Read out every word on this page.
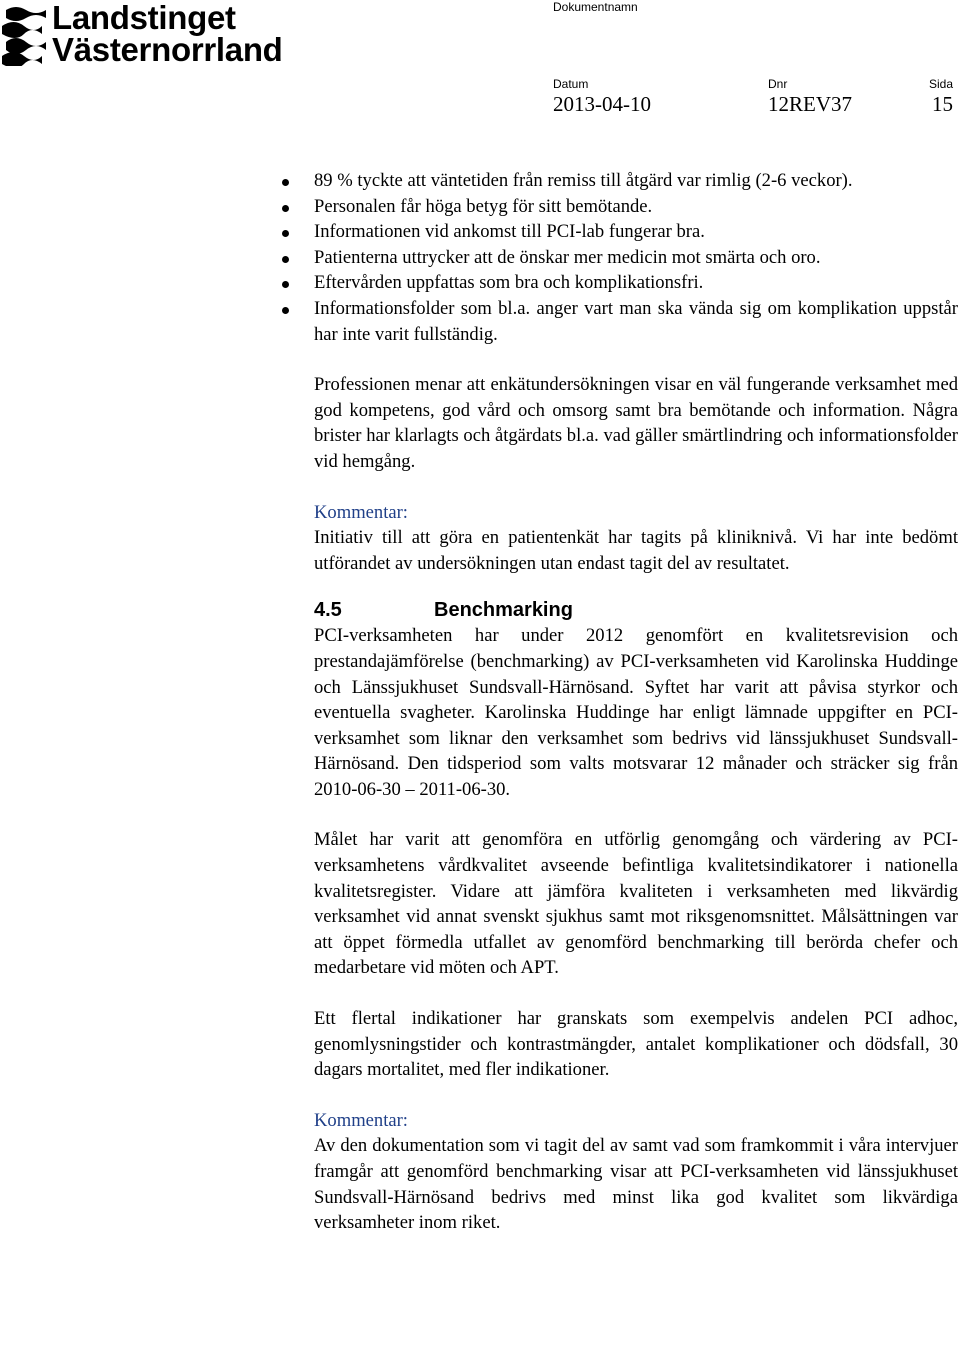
Landstinget
Västernorrland
Dokumentnamn
Datum
2013-04-10
Dnr
12REV37
Sida
15
89 % tyckte att väntetiden från remiss till åtgärd var rimlig (2-6 veckor).
Personalen får höga betyg för sitt bemötande.
Informationen vid ankomst till PCI-lab fungerar bra.
Patienterna uttrycker att de önskar mer medicin mot smärta och oro.
Eftervården uppfattas som bra och komplikationsfri.
Informationsfolder som bl.a. anger vart man ska vända sig om komplikation uppstår har inte varit fullständig.

Professionen menar att enkätundersökningen visar en väl fungerande verksamhet med god kompetens, god vård och omsorg samt bra bemötande och information. Några brister har klarlagts och åtgärdats bl.a. vad gäller smärtlindring och informationsfolder vid hemgång.

Kommentar:

Initiativ till att göra en patientenkät har tagits på kliniknivå. Vi har inte bedömt utförandet av undersökningen utan endast tagit del av resultatet.

4.5	Benchmarking

PCI-verksamheten har under 2012 genomfört en kvalitetsrevision och prestandajämförelse (benchmarking) av PCI-verksamheten vid Karolinska Huddinge och Länssjukhuset Sundsvall-Härnösand. Syftet har varit att påvisa styrkor och eventuella svagheter. Karolinska Huddinge har enligt lämnade uppgifter en PCI-verksamhet som liknar den verksamhet som bedrivs vid länssjukhuset Sundsvall-Härnösand. Den tidsperiod som valts motsvarar 12 månader och sträcker sig från 2010-06-30 – 2011-06-30.

Målet har varit att genomföra en utförlig genomgång och värdering av PCI-verksamhetens vårdkvalitet avseende befintliga kvalitetsindikatorer i nationella kvalitetsregister. Vidare att jämföra kvaliteten i verksamheten med likvärdig verksamhet vid annat svenskt sjukhus samt mot riksgenomsnittet. Målsättningen var att öppet förmedla utfallet av genomförd benchmarking till berörda chefer och medarbetare vid möten och APT.

Ett flertal indikationer har granskats som exempelvis andelen PCI adhoc, genomlysningstider och kontrastmängder, antalet komplikationer och dödsfall, 30 dagars mortalitet, med fler indikationer.

Kommentar:

Av den dokumentation som vi tagit del av samt vad som framkommit i våra intervjuer framgår att genomförd benchmarking visar att PCI-verksamheten vid länssjukhuset Sundsvall-Härnösand bedrivs med minst lika god kvalitet som likvärdiga verksamheter inom riket.
